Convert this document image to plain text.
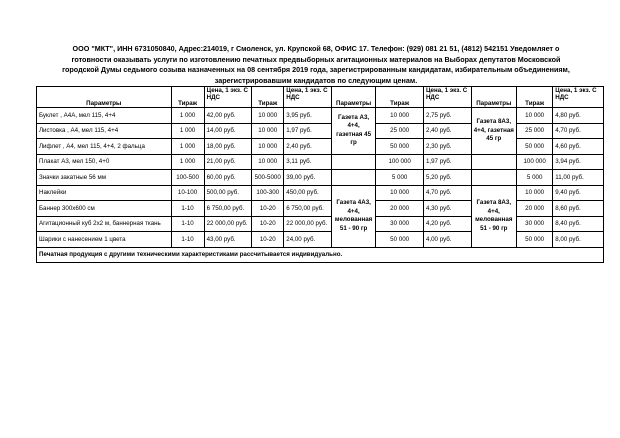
ООО "МКТ", ИНН 6731050840, Адрес:214019, г Смоленск, ул. Крупской 68, ОФИС 17. Телефон: (929) 081 21 51, (4812) 542151 Уведомляет о
готовности оказывать услуги по изготовлению печатных предвыборных агитационных материалов на Выборах депутатов Московской
городской Думы седьмого созыва назначенных на 08 сентября 2019 года, зарегистрированным кандидатам, избирательным объединениям,
зарегистрировавшим кандидатов по следующим ценам.
Параметры	Тираж	Цена, 1 экз. С НДС	Тираж	Цена, 1 экз. С НДС	Параметры	Тираж	Цена, 1 экз. С НДС	Параметры	Тираж	Цена, 1 экз. С НДС
Буклет , А4А, мел 115, 4+4	1 000	42,00 руб.	10 000	3,95 руб.	Газета А3, 4+4, газетная 45 гр	10 000	2,75 руб.	Газета 8А3, 4+4, газетная 45 гр	10 000	4,80 руб.
Листовка , А4, мел 115, 4+4	1 000	14,00 руб.	10 000	1,97 руб.		25 000	2,40 руб.		25 000	4,70 руб.
Лифлет , А4, мел 115, 4+4, 2 фальца	1 000	18,00 руб.	10 000	2,40 руб.		50 000	2,30 руб.		50 000	4,60 руб.
Плакат А3, мел 150, 4+0	1 000	21,00 руб.	10 000	3,11 руб.		100 000	1,97 руб.		100 000	3,94 руб.
Значки закатные 56 мм	100-500	60,00 руб.	500-5000	39,00 руб.		5 000	5,20 руб.		5 000	11,00 руб.
Наклейки	10-100	500,00 руб.	100-300	450,00 руб.	Газета 4А3, 4+4, мелованная 51 - 90 гр	10 000	4,70 руб.	Газета 8А3, 4+4, мелованная 51 - 90 гр	10 000	9,40 руб.
Баннер 300х600 см	1-10	6 750,00 руб.	10-20	6 750,00 руб.		20 000	4,30 руб.		20 000	8,60 руб.
Агитационный куб 2х2 м, баннерная ткань	1-10	22 000,00 руб.	10-20	22 000,00 руб.		30 000	4,20 руб.		30 000	8,40 руб.
Шарики с нанесением 1 цвета	1-10	43,00 руб.	10-20	24,00 руб.		50 000	4,00 руб.		50 000	8,00 руб.
Печатная продукция с другими техническими характеристиками рассчитывается индивидуально.										
